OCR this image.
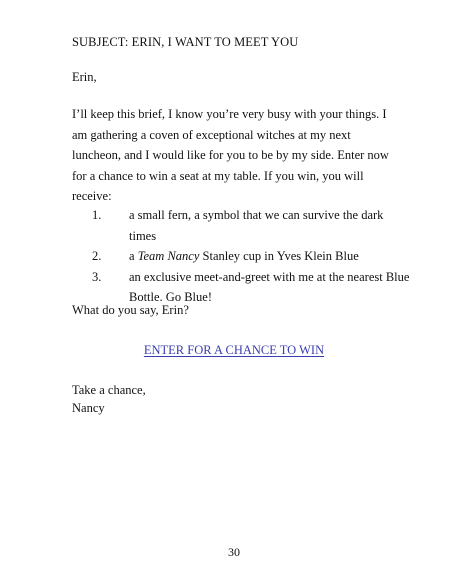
SUBJECT: ERIN, I WANT TO MEET YOU
Erin,
I’ll keep this brief, I know you’re very busy with your things. I am gathering a coven of exceptional witches at my next luncheon, and I would like for you to be by my side. Enter now for a chance to win a seat at my table. If you win, you will receive:
1. a small fern, a symbol that we can survive the dark times
2. a Team Nancy Stanley cup in Yves Klein Blue
3. an exclusive meet-and-greet with me at the nearest Blue Bottle. Go Blue!
What do you say, Erin?
ENTER FOR A CHANCE TO WIN
Take a chance,
Nancy
30
